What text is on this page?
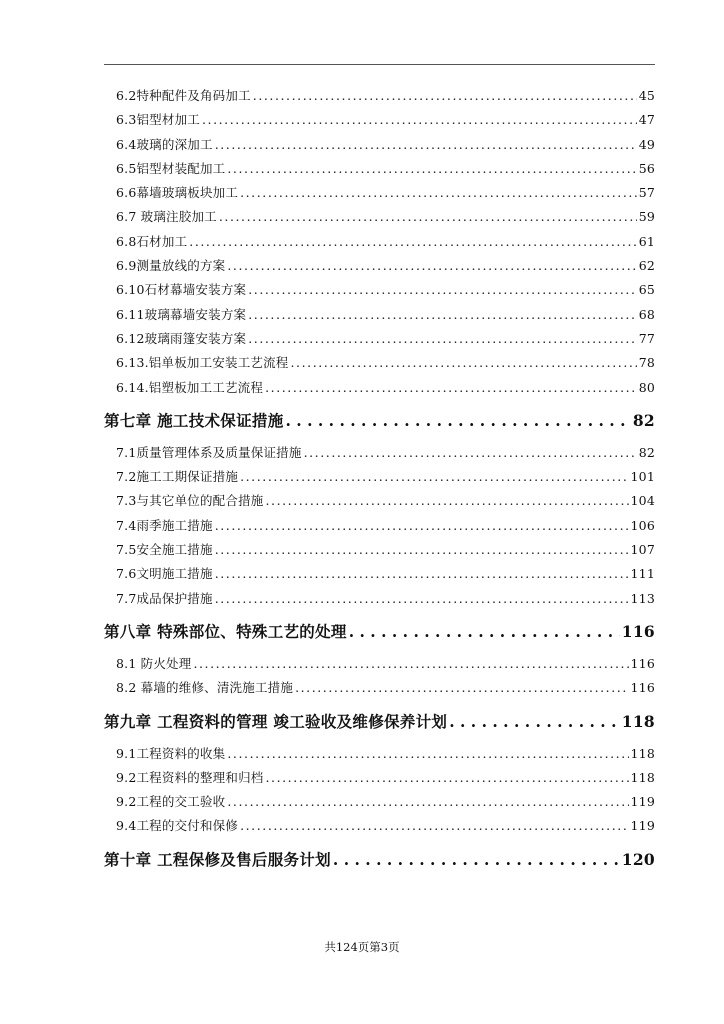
6.2特种配件及角码加工 . . .	45
6.3铝型材加工 . . .	47
6.4玻璃的深加工 . . .	49
6.5铝型材装配加工 . . .	56
6.6幕墙玻璃板块加工 . . .	57
6.7 玻璃注胶加工 . . .	59
6.8石材加工 . . .	61
6.9测量放线的方案 . . .	62
6.10石材幕墙安装方案 . . .	65
6.11玻璃幕墙安装方案 . . .	68
6.12玻璃雨篷安装方案 . . .	77
6.13.铝单板加工安装工艺流程 . . .	78
6.14.铝塑板加工工艺流程 . . .	80
第七章 施工技术保证措施 . . .	82
7.1质量管理体系及质量保证措施 . . .	82
7.2施工工期保证措施 . . .	101
7.3与其它单位的配合措施 . . .	104
7.4雨季施工措施 . . .	106
7.5安全施工措施 . . .	107
7.6文明施工措施 . . .	111
7.7成品保护措施 . . .	113
第八章 特殊部位、特殊工艺的处理 . . .	116
8.1 防火处理 . . .	116
8.2 幕墙的维修、清洗施工措施 . . .	116
第九章 工程资料的管理 竣工验收及维修保养计划 . . .	118
9.1工程资料的收集 . . .	118
9.2工程资料的整理和归档 . . .	118
9.2工程的交工验收 . . .	119
9.4工程的交付和保修 . . .	119
第十章 工程保修及售后服务计划 . . .	120
共124页第3页
